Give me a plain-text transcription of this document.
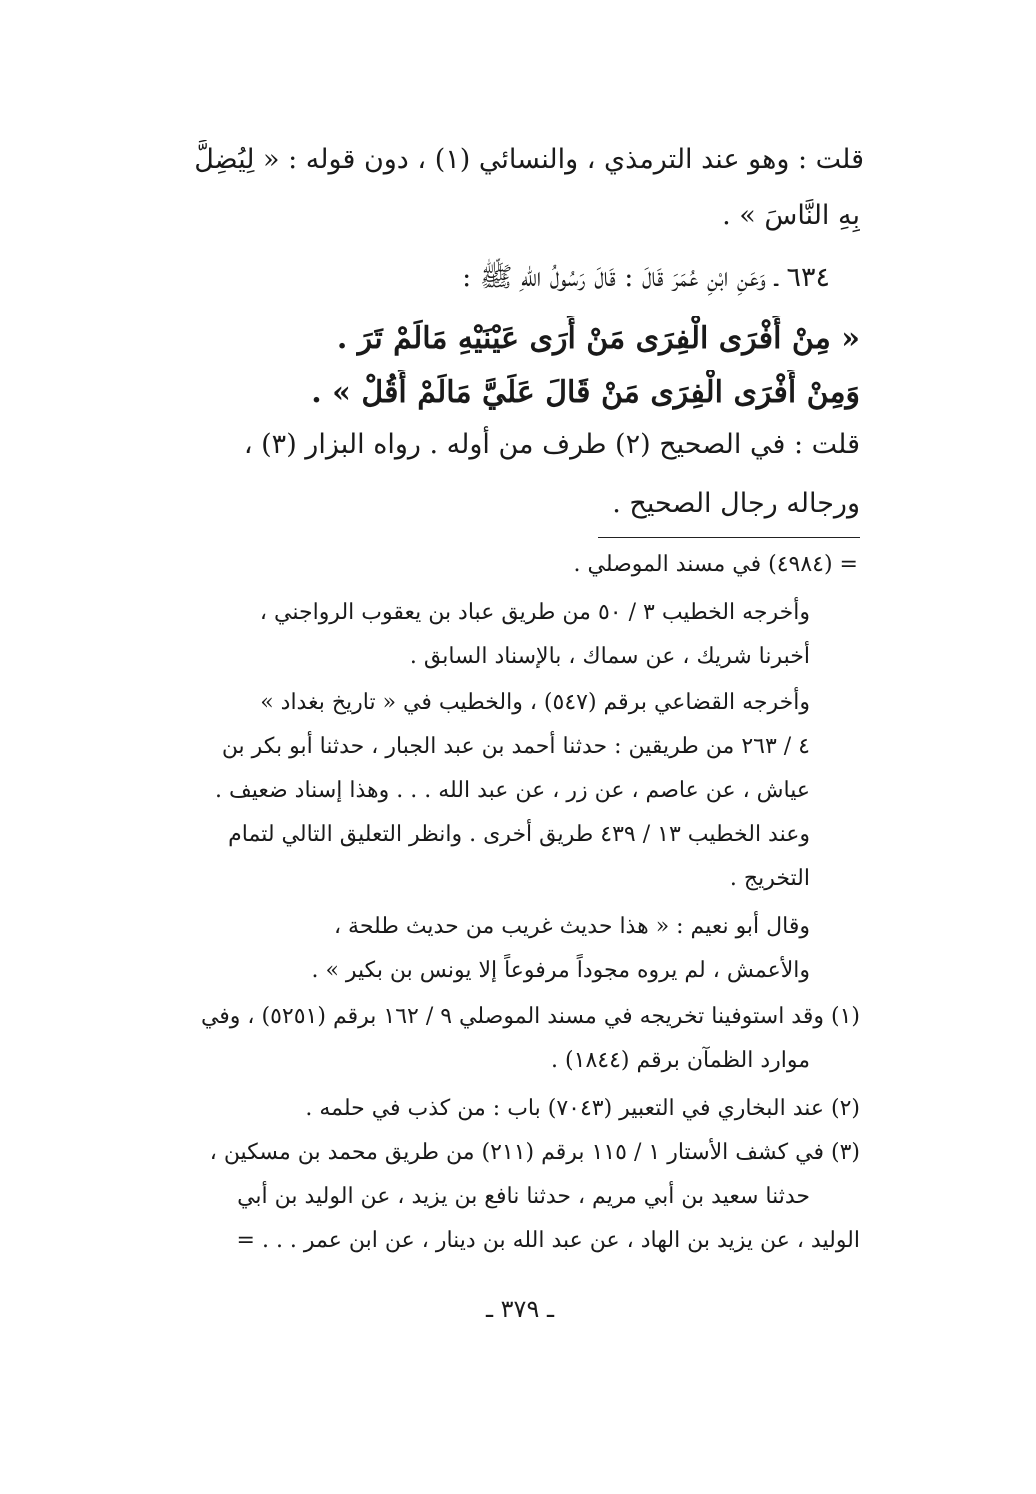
قلت : وهو عند الترمذي ، والنسائي (١) ، دون قوله : « لِيُضِلَّ
بِهِ النَّاسَ » .
٦٣٤ ـ وَعَنِ ابْنِ عُمَرَ قَالَ : قَالَ رَسُولُ اللهِ ﷺ :
« مِنْ أَفْرَى الْفِرَى مَنْ أَرَى عَيْنَيْهِ مَالَمْ تَرَ .
وَمِنْ أَفْرَى الْفِرَى مَنْ قَالَ عَلَيَّ مَالَمْ أَقُلْ » .
قلت : في الصحيح (٢) طرف من أوله . رواه البزار (٣) ،
ورجاله رجال الصحيح .
= (٤٩٨٤) في مسند الموصلي .
وأخرجه الخطيب ٣ / ٥٠ من طريق عباد بن يعقوب الرواجني ،
أخبرنا شريك ، عن سماك ، بالإسناد السابق .
وأخرجه القضاعي برقم (٥٤٧) ، والخطيب في « تاريخ بغداد »
٤ / ٢٦٣ من طريقين : حدثنا أحمد بن عبد الجبار ، حدثنا أبو بكر بن
عياش ، عن عاصم ، عن زر ، عن عبد الله . . . وهذا إسناد ضعيف .
وعند الخطيب ١٣ / ٤٣٩ طريق أخرى . وانظر التعليق التالي لتمام
التخريج .
وقال أبو نعيم : « هذا حديث غريب من حديث طلحة ،
والأعمش ، لم يروه مجوداً مرفوعاً إلا يونس بن بكير » .
(١) وقد استوفينا تخريجه في مسند الموصلي ٩ / ١٦٢ برقم (٥٢٥١) ، وفي
موارد الظمآن برقم (١٨٤٤) .
(٢) عند البخاري في التعبير (٧٠٤٣) باب : من كذب في حلمه .
(٣) في كشف الأستار ١ / ١١٥ برقم (٢١١) من طريق محمد بن مسكين ،
حدثنا سعيد بن أبي مريم ، حدثنا نافع بن يزيد ، عن الوليد بن أبي
الوليد ، عن يزيد بن الهاد ، عن عبد الله بن دينار ، عن ابن عمر . . . =
ـ ٣٧٩ ـ
